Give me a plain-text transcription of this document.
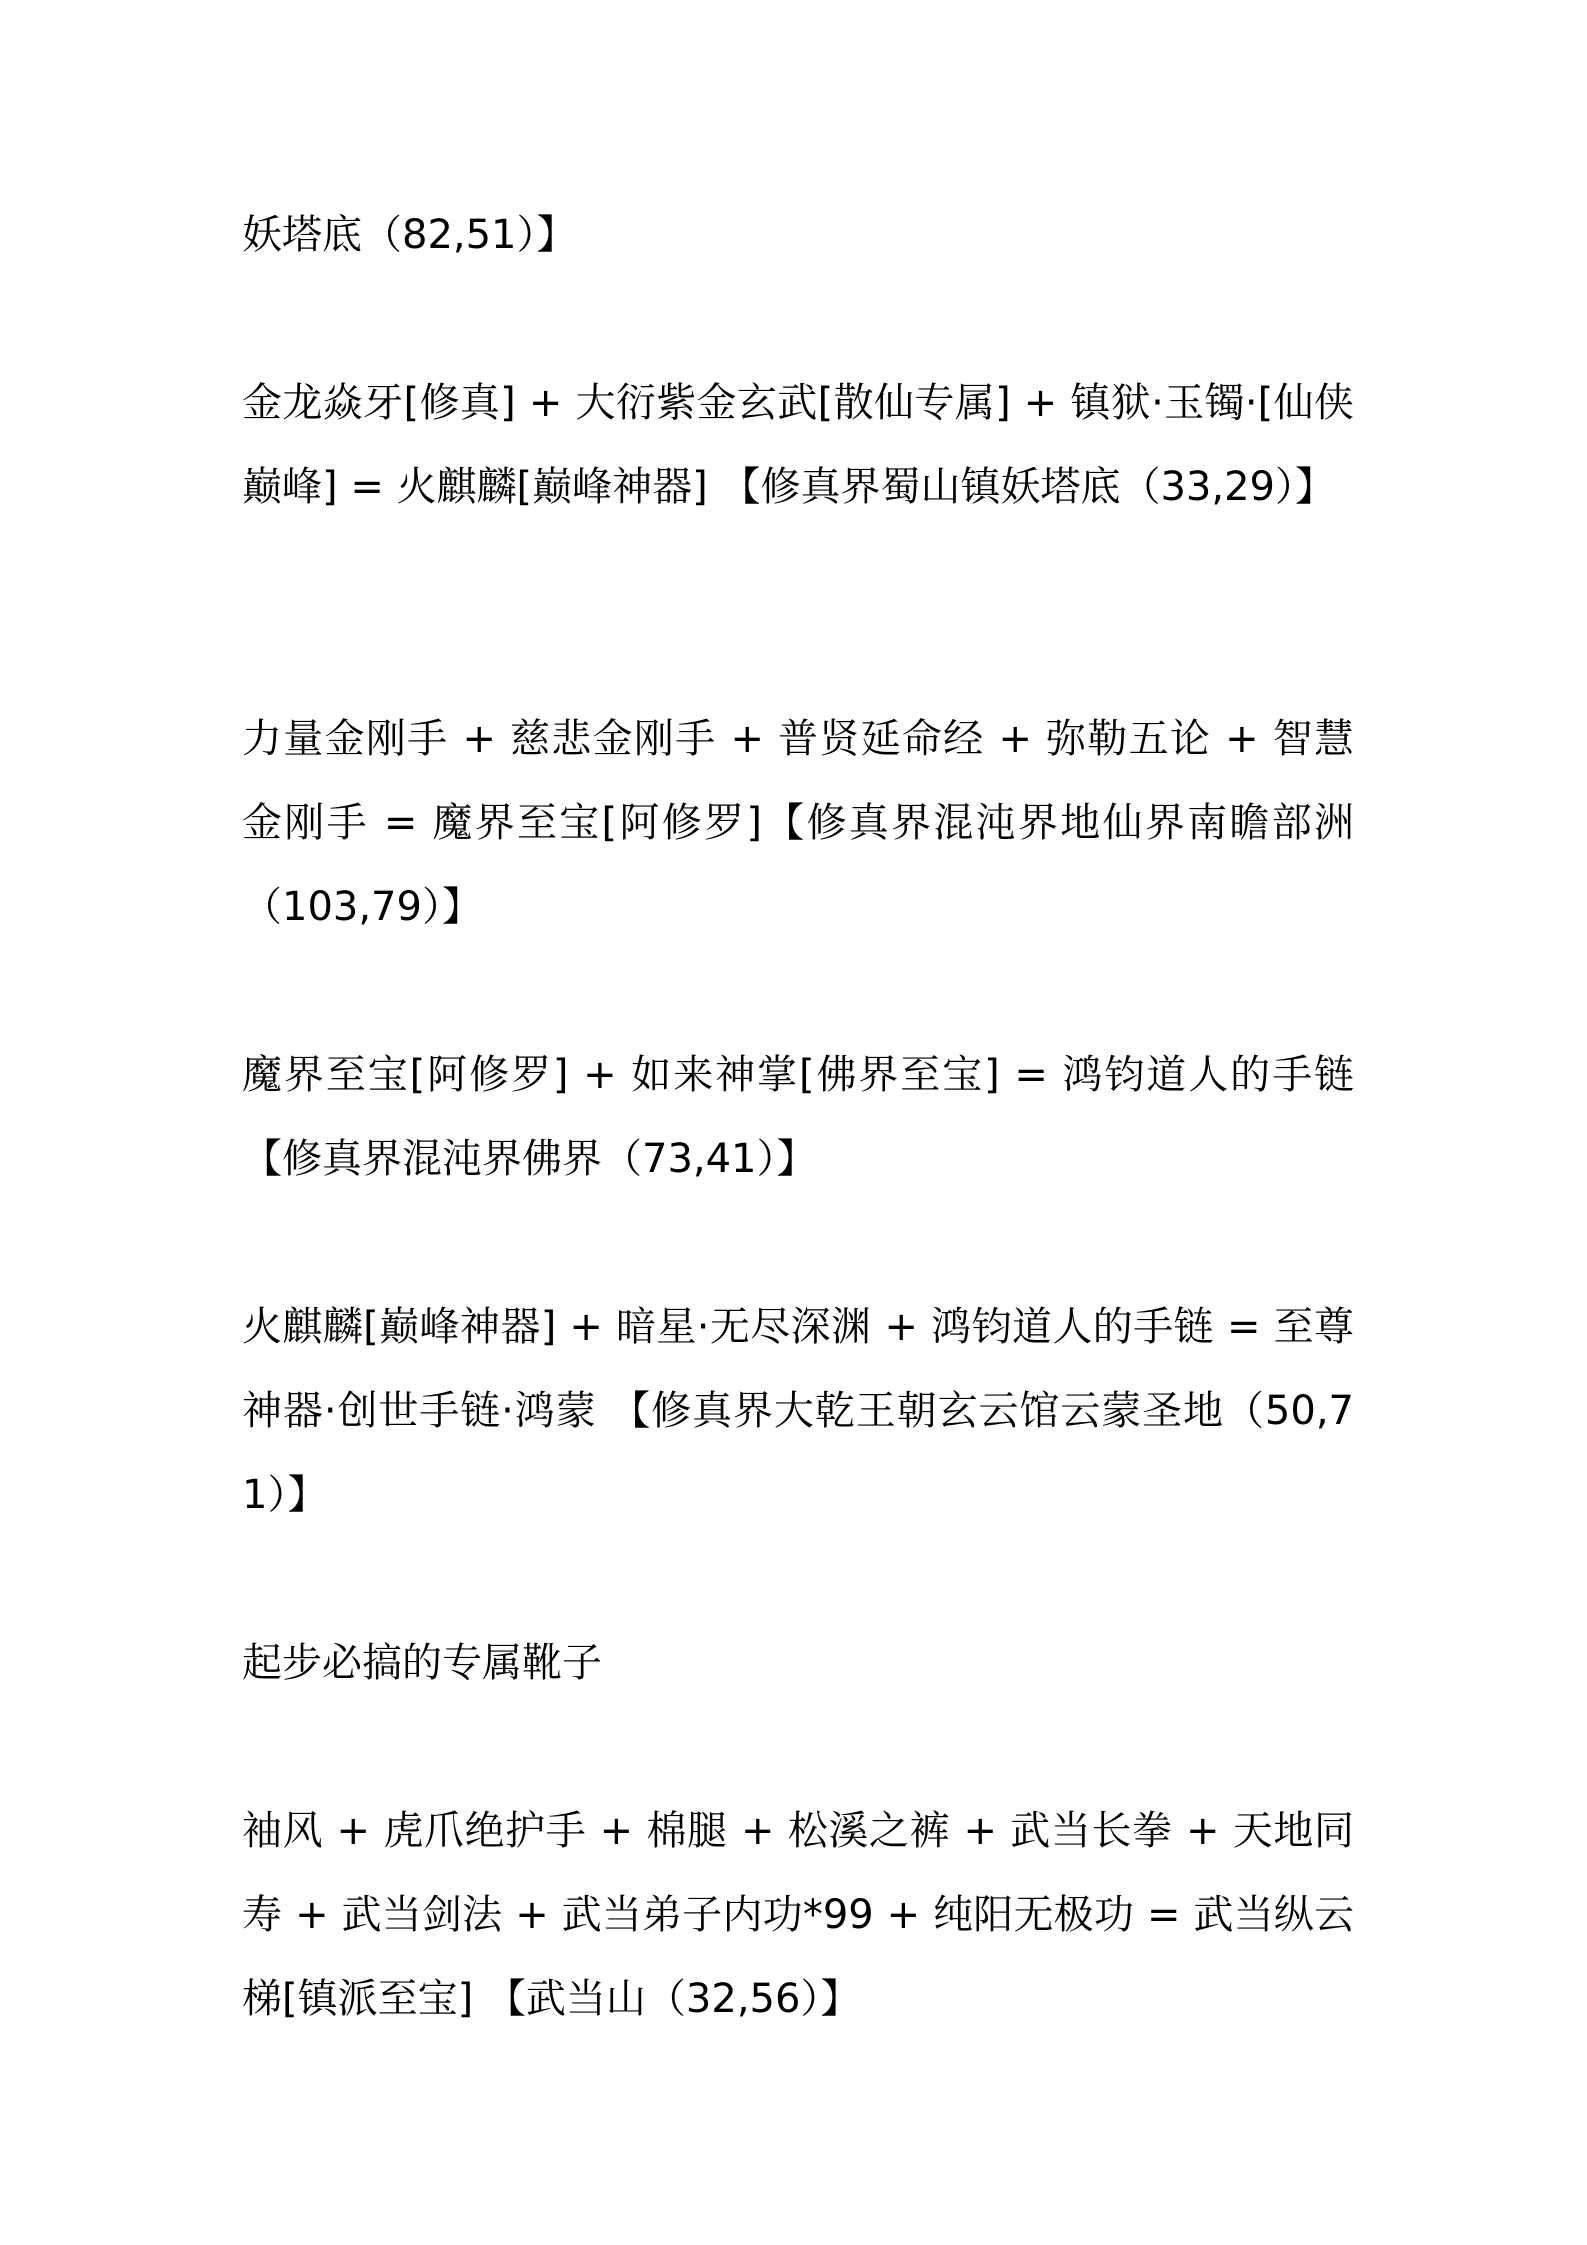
妖塔底（82,51）】

金龙焱牙[修真] + 大衍紫金玄武[散仙专属] + 镇狱·玉镯·[仙侠巅峰] = 火麒麟[巅峰神器] 【修真界蜀山镇妖塔底（33,29）】

力量金刚手 + 慈悲金刚手 + 普贤延命经 + 弥勒五论 + 智慧金刚手 = 魔界至宝[阿修罗]【修真界混沌界地仙界南瞻部洲（103,79）】

魔界至宝[阿修罗] + 如来神掌[佛界至宝] = 鸿钧道人的手链【修真界混沌界佛界（73,41）】

火麒麟[巅峰神器] + 暗星·无尽深渊 + 鸿钧道人的手链 = 至尊神器·创世手链·鸿蒙 【修真界大乾王朝玄云馆云蒙圣地（50,71）】

起步必搞的专属靴子

袖风 + 虎爪绝护手 + 棉腿 + 松溪之裤 + 武当长拳 + 天地同寿 + 武当剑法 + 武当弟子内功*99 + 纯阳无极功 = 武当纵云梯[镇派至宝] 【武当山（32,56）】
